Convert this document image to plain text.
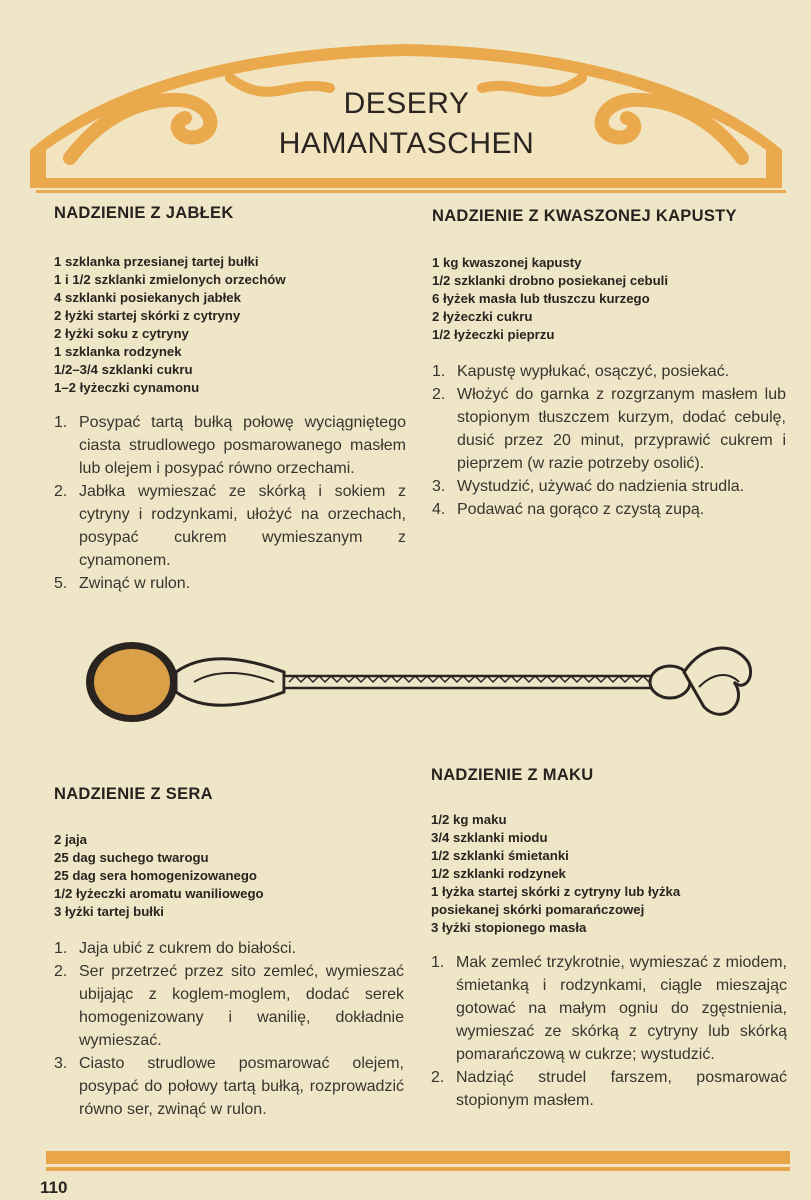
DESERY
HAMANTASCHEN
NADZIENIE Z JABŁEK
1 szklanka przesianej tartej bułki
1 i 1/2 szklanki zmielonych orzechów
4 szklanki posiekanych jabłek
2 łyżki startej skórki z cytryny
2 łyżki soku z cytryny
1 szklanka rodzynek
1/2–3/4 szklanki cukru
1–2 łyżeczki cynamonu
1. Posypać tartą bułką połowę wyciągniętego ciasta strudlowego posmarowanego masłem lub olejem i posypać równo orzechami.
2. Jabłka wymieszać ze skórką i sokiem z cytryny i rodzynkami, ułożyć na orzechach, posypać cukrem wymieszanym z cynamonem.
5. Zwinąć w rulon.
NADZIENIE Z KWASZONEJ KAPUSTY
1 kg kwaszonej kapusty
1/2 szklanki drobno posiekanej cebuli
6 łyżek masła lub tłuszczu kurzego
2 łyżeczki cukru
1/2 łyżeczki pieprzu
1. Kapustę wypłukać, osączyć, posiekać.
2. Włożyć do garnka z rozgrzanym masłem lub stopionym tłuszczem kurzym, dodać cebulę, dusić przez 20 minut, przyprawić cukrem i pieprzem (w razie potrzeby osolić).
3. Wystudzić, używać do nadzienia strudla.
4. Podawać na gorąco z czystą zupą.
NADZIENIE Z SERA
2 jaja
25 dag suchego twarogu
25 dag sera homogenizowanego
1/2 łyżeczki aromatu waniliowego
3 łyżki tartej bułki
1. Jaja ubić z cukrem do białości.
2. Ser przetrzeć przez sito zemleć, wymieszać ubijając z koglem-moglem, dodać serek homogenizowany i wanilię, dokładnie wymieszać.
3. Ciasto strudlowe posmarować olejem, posypać do połowy tartą bułką, rozprowadzić równo ser, zwinąć w rulon.
NADZIENIE Z MAKU
1/2 kg maku
3/4 szklanki miodu
1/2 szklanki śmietanki
1/2 szklanki rodzynek
1 łyżka startej skórki z cytryny lub łyżka
posiekanej skórki pomarańczowej
3 łyżki stopionego masła
1. Mak zemleć trzykrotnie, wymieszać z miodem, śmietanką i rodzynkami, ciągle mieszając gotować na małym ogniu do zgęstnienia, wymieszać ze skórką z cytryny lub skórką pomarańczową w cukrze; wystudzić.
2. Nadziąć strudel farszem, posmarować stopionym masłem.
110
